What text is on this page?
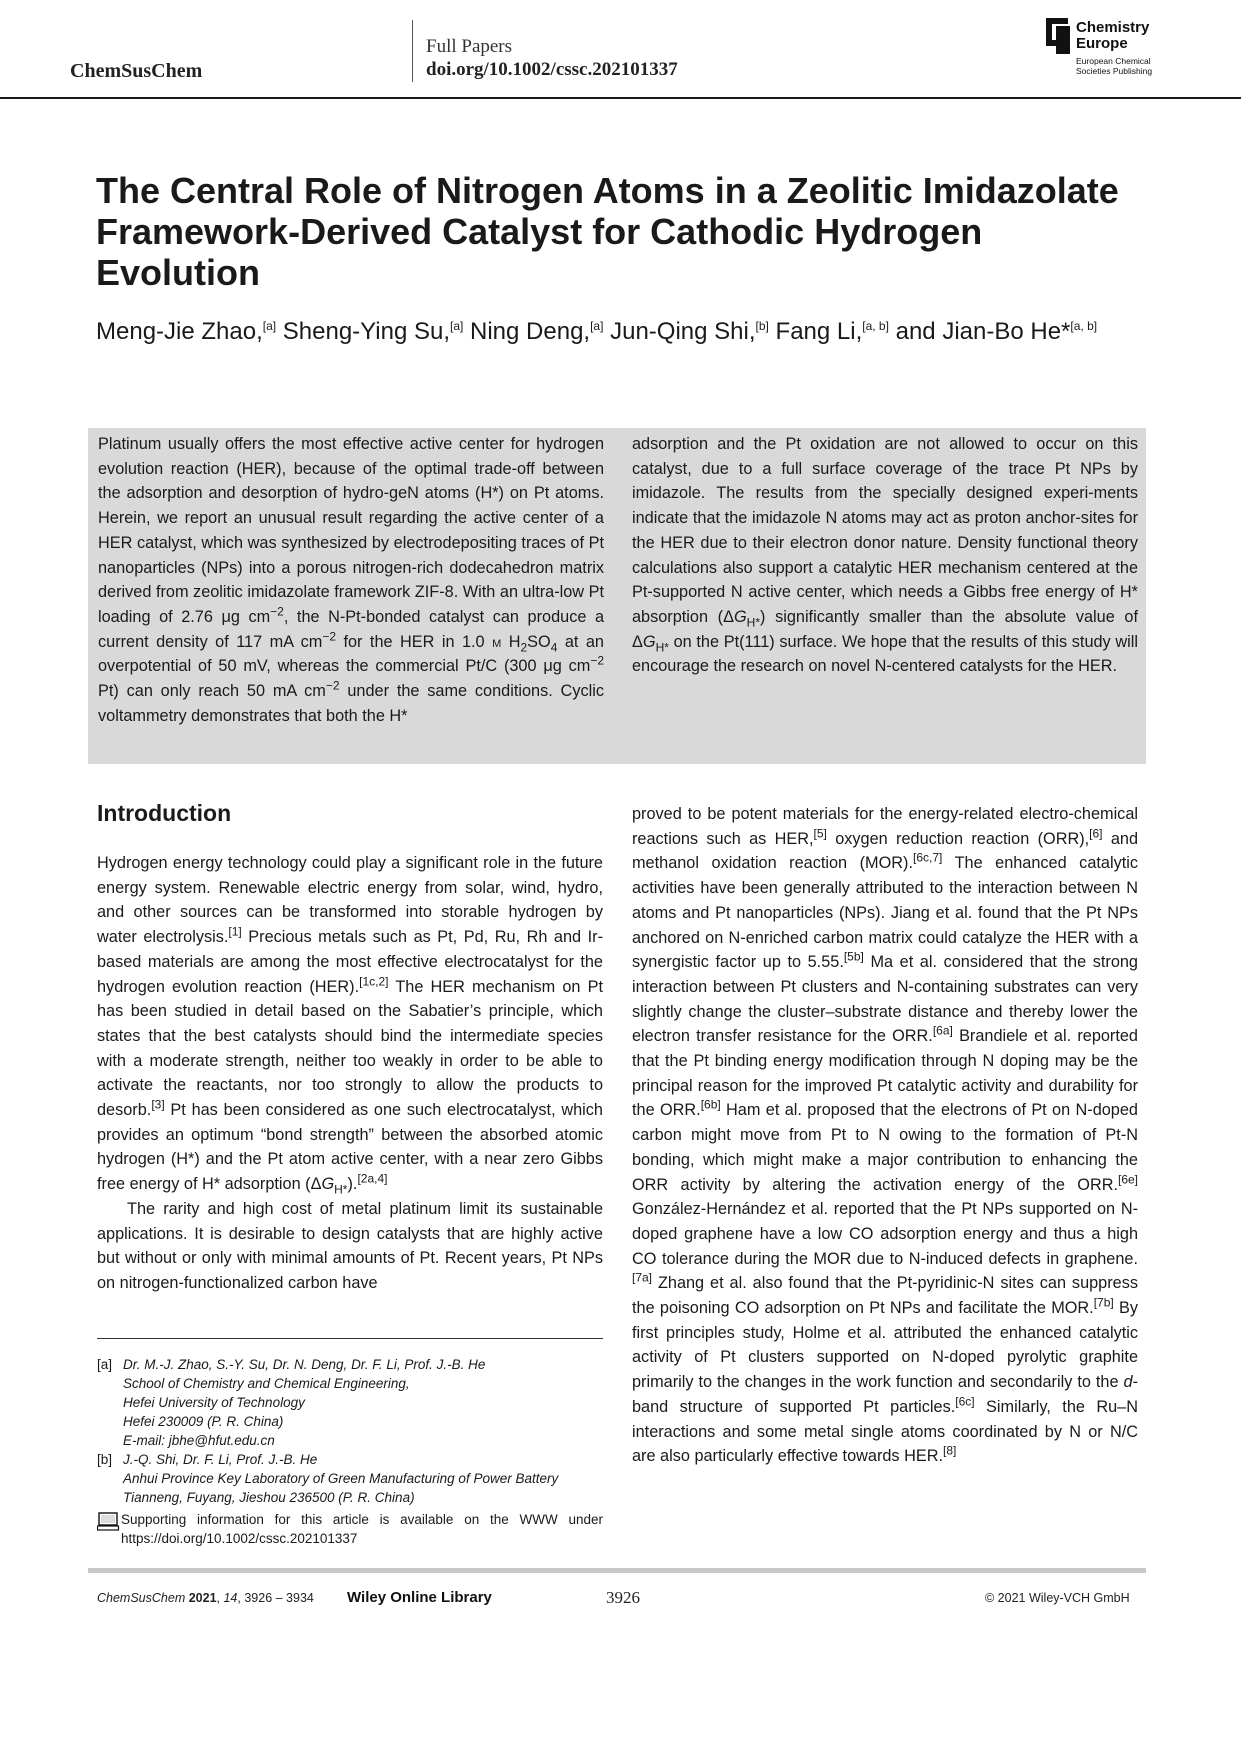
ChemSusChem
Full Papers
doi.org/10.1002/cssc.202101337
Chemistry
Europe
European Chemical
Societies Publishing
The Central Role of Nitrogen Atoms in a Zeolitic Imidazolate Framework-Derived Catalyst for Cathodic Hydrogen Evolution
Meng-Jie Zhao,[a] Sheng-Ying Su,[a] Ning Deng,[a] Jun-Qing Shi,[b] Fang Li,[a, b] and Jian-Bo He*[a, b]
Platinum usually offers the most effective active center for hydrogen evolution reaction (HER), because of the optimal trade-off between the adsorption and desorption of hydro-geN atoms (H*) on Pt atoms. Herein, we report an unusual result regarding the active center of a HER catalyst, which was synthesized by electrodepositing traces of Pt nanoparticles (NPs) into a porous nitrogen-rich dodecahedron matrix derived from zeolitic imidazolate framework ZIF-8. With an ultra-low Pt loading of 2.76 μg $cm^{-2}$, the N-Pt-bonded catalyst can produce a current density of 117 mA $cm^{-2}$ for the HER in 1.0 m $H_2SO_4$ at an overpotential of 50 mV, whereas the commercial Pt/C (300 μg $cm^{-2}$ Pt) can only reach 50 mA $cm^{-2}$ under the same conditions. Cyclic voltammetry demonstrates that both the H*
adsorption and the Pt oxidation are not allowed to occur on this catalyst, due to a full surface coverage of the trace Pt NPs by imidazole. The results from the specially designed experi-ments indicate that the imidazole N atoms may act as proton anchor-sites for the HER due to their electron donor nature. Density functional theory calculations also support a catalytic HER mechanism centered at the Pt-supported N active center, which needs a Gibbs free energy of H* absorption $(\Delta G_{H*})$ significantly smaller than the absolute value of $\Delta G_{H*}$ on the Pt(111) surface. We hope that the results of this study will encourage the research on novel N-centered catalysts for the HER.
Introduction

Hydrogen energy technology could play a significant role in the future energy system. Renewable electric energy from solar, wind, hydro, and other sources can be transformed into storable hydrogen by water electrolysis.[1] Precious metals such as Pt, Pd, Ru, Rh and Ir-based materials are among the most effective electrocatalyst for the hydrogen evolution reaction (HER).[1c,2] The HER mechanism on Pt has been studied in detail based on the Sabatier’s principle, which states that the best catalysts should bind the intermediate species with a moderate strength, neither too weakly in order to be able to activate the reactants, nor too strongly to allow the products to desorb.[3] Pt has been considered as one such electrocatalyst, which provides an optimum “bond strength” between the absorbed atomic hydrogen (H*) and the Pt atom active center, with a near zero Gibbs free energy of H* adsorption $(\Delta G_{H*}).[2a,4]$

The rarity and high cost of metal platinum limit its sustainable applications. It is desirable to design catalysts that are highly active but without or only with minimal amounts of Pt. Recent years, Pt NPs on nitrogen-functionalized carbon have

proved to be potent materials for the energy-related electro-chemical reactions such as HER,[5] oxygen reduction reaction (ORR),[6] and methanol oxidation reaction (MOR).[6c,7] The enhanced catalytic activities have been generally attributed to the interaction between N atoms and Pt nanoparticles (NPs). Jiang et al. found that the Pt NPs anchored on N-enriched carbon matrix could catalyze the HER with a synergistic factor up to 5.55.[5b] Ma et al. considered that the strong interaction between Pt clusters and N-containing substrates can very slightly change the cluster–substrate distance and thereby lower the electron transfer resistance for the ORR.[6a] Brandiele et al. reported that the Pt binding energy modification through N doping may be the principal reason for the improved Pt catalytic activity and durability for the ORR.[6b] Ham et al. proposed that the electrons of Pt on N-doped carbon might move from Pt to N owing to the formation of Pt-N bonding, which might make a major contribution to enhancing the ORR activity by altering the activation energy of the ORR.[6e] González-Hernández et al. reported that the Pt NPs supported on N-doped graphene have a low CO adsorption energy and thus a high CO tolerance during the MOR due to N-induced defects in graphene.[7a] Zhang et al. also found that the Pt-pyridinic-N sites can suppress the poisoning CO adsorption on Pt NPs and facilitate the MOR.[7b] By first principles study, Holme et al. attributed the enhanced catalytic activity of Pt clusters supported on N-doped pyrolytic graphite primarily to the changes in the work function and secondarily to the d-band structure of supported Pt particles.[6c] Similarly, the Ru–N interactions and some metal single atoms coordinated by N or N/C are also particularly effective towards HER.[8]

[a] Dr. M.-J. Zhao, S.-Y. Su, Dr. N. Deng, Dr. F. Li, Prof. J.-B. He
School of Chemistry and Chemical Engineering,
Hefei University of Technology
Hefei 230009 (P. R. China)
E-mail: jbhe@hfut.edu.cn
[b] J.-Q. Shi, Dr. F. Li, Prof. J.-B. He
Anhui Province Key Laboratory of Green Manufacturing of Power Battery
Tianneng, Fuyang, Jieshou 236500 (P. R. China)
Supporting information for this article is available on the WWW under https://doi.org/10.1002/cssc.202101337
ChemSusChem 2021, 14, 3926 – 3934 Wiley Online Library	3926	© 2021 Wiley-VCH GmbH
